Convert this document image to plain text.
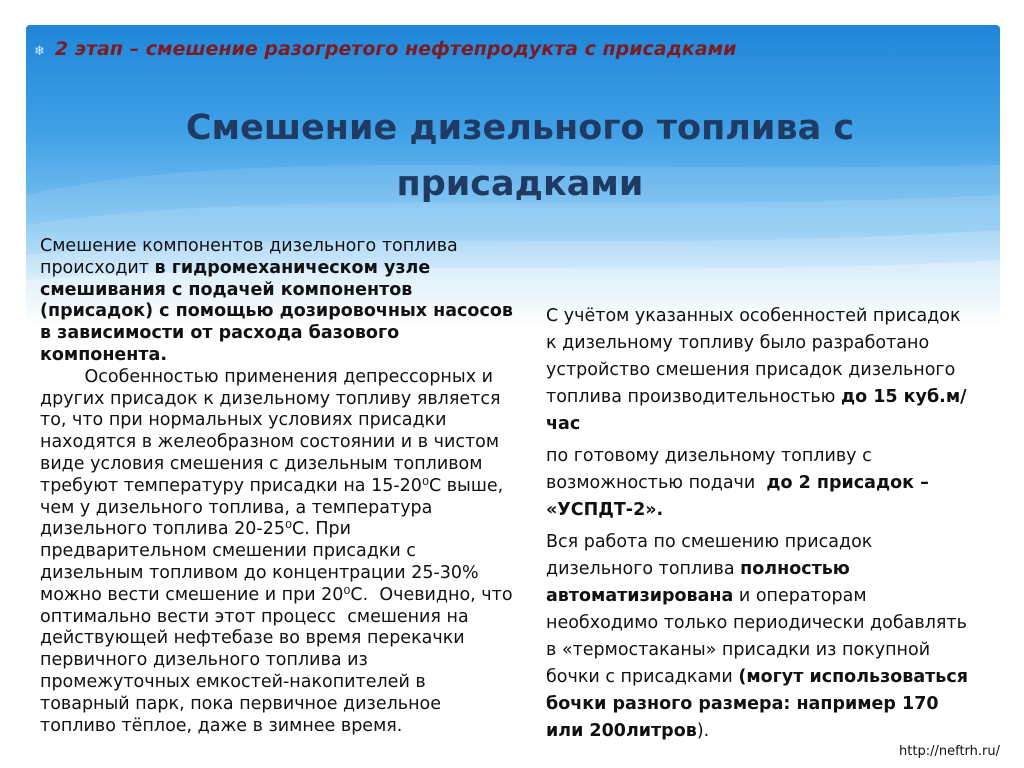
❄ 2 этап – смешение разогретого нефтепродукта с присадками
Смешение дизельного топлива с присадками

Смешение компонентов дизельного топлива происходит в гидромеханическом узле смешивания с подачей компонентов (присадок) с помощью дозировочных насосов в зависимости от расхода базового компонента.

Особенностью применения депрессорных и других присадок к дизельному топливу является то, что при нормальных условиях присадки находятся в желеобразном состоянии и в чистом виде условия смешения с дизельным топливом требуют температуру присадки на 15-20⁰С выше, чем у дизельного топлива, а температура дизельного топлива 20-25⁰С. При предварительном смешении присадки с дизельным топливом до концентрации 25-30% можно вести смешение и при 20⁰С.  Очевидно, что оптимально вести этот процесс  смешения на действующей нефтебазе во время перекачки первичного дизельного топлива из промежуточных емкостей-накопителей в товарный парк, пока первичное дизельное топливо тёплое, даже в зимнее время.

С учётом указанных особенностей присадок к дизельному топливу было разработано устройство смешения присадок дизельного топлива производительностью до 15 куб.м/час

по готовому дизельному топливу с возможностью подачи  до 2 присадок – «УСПДТ-2».

Вся работа по смешению присадок дизельного топлива полностью автоматизирована и операторам необходимо только периодически добавлять в «термостаканы» присадки из покупной бочки с присадками (могут использоваться бочки разного размера: например 170 или 200литров).

http://neftrh.ru/
